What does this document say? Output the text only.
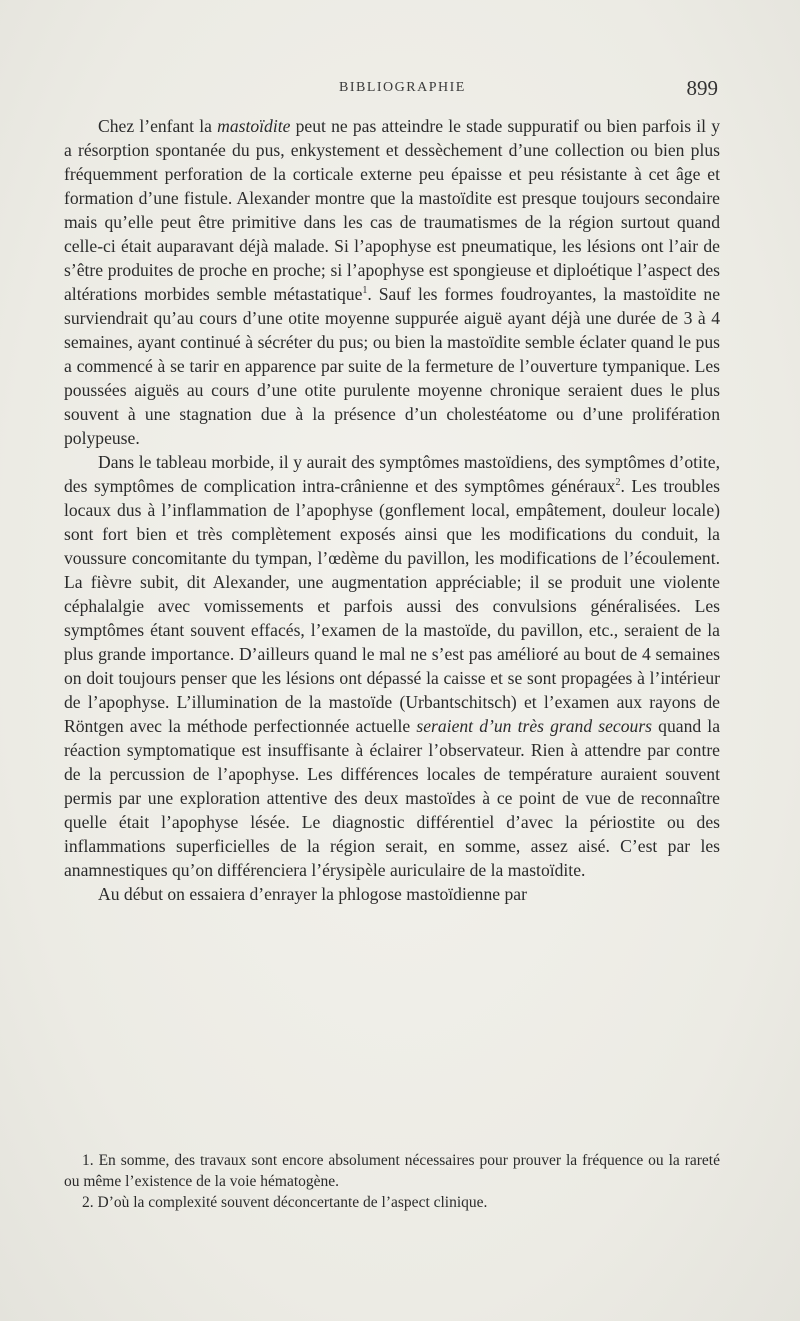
BIBLIOGRAPHIE	899

Chez l’enfant la mastoïdite peut ne pas atteindre le stade suppuratif ou bien parfois il y a résorption spontanée du pus, enkystement et dessèchement d’une collection ou bien plus fréquemment perforation de la corticale externe peu épaisse et peu résistante à cet âge et formation d’une fistule. Alexander montre que la mastoïdite est presque toujours secondaire mais qu’elle peut être primitive dans les cas de traumatismes de la région surtout quand celle-ci était auparavant déjà malade. Si l’apophyse est pneumatique, les lésions ont l’air de s’être produites de proche en proche; si l’apophyse est spongieuse et diploétique l’aspect des altérations morbides semble métastatique$^1$. Sauf les formes foudroyantes, la mastoïdite ne surviendrait qu’au cours d’une otite moyenne suppurée aiguë ayant déjà une durée de 3 à 4 semaines, ayant continué à sécréter du pus; ou bien la mastoïdite semble éclater quand le pus a commencé à se tarir en apparence par suite de la fermeture de l’ouverture tympanique. Les poussées aiguës au cours d’une otite purulente moyenne chronique seraient dues le plus souvent à une stagnation due à la présence d’un cholestéatome ou d’une prolifération polypeuse.

Dans le tableau morbide, il y aurait des symptômes mastoïdiens, des symptômes d’otite, des symptômes de complication intra-crânienne et des symptômes généraux$^2$. Les troubles locaux dus à l’inflammation de l’apophyse (gonflement local, empâtement, douleur locale) sont fort bien et très complètement exposés ainsi que les modifications du conduit, la voussure concomitante du tympan, l’œdème du pavillon, les modifications de l’écoulement. La fièvre subit, dit Alexander, une augmentation appréciable; il se produit une violente céphalalgie avec vomissements et parfois aussi des convulsions généralisées. Les symptômes étant souvent effacés, l’examen de la mastoïde, du pavillon, etc., seraient de la plus grande importance. D’ailleurs quand le mal ne s’est pas amélioré au bout de 4 semaines on doit toujours penser que les lésions ont dépassé la caisse et se sont propagées à l’intérieur de l’apophyse. L’illumination de la mastoïde (Urbantschitsch) et l’examen aux rayons de Röntgen avec la méthode perfectionnée actuelle seraient d’un très grand secours quand la réaction symptomatique est insuffisante à éclairer l’observateur. Rien à attendre par contre de la percussion de l’apophyse. Les différences locales de température auraient souvent permis par une exploration attentive des deux mastoïdes à ce point de vue de reconnaître quelle était l’apophyse lésée. Le diagnostic différentiel d’avec la périostite ou des inflammations superficielles de la région serait, en somme, assez aisé. C’est par les anamnestiques qu’on différenciera l’érysipèle auriculaire de la mastoïdite.

Au début on essaiera d’enrayer la phlogose mastoïdienne par

1. En somme, des travaux sont encore absolument nécessaires pour prouver la fréquence ou la rareté ou même l’existence de la voie hématogène.

2. D’où la complexité souvent déconcertante de l’aspect clinique.
